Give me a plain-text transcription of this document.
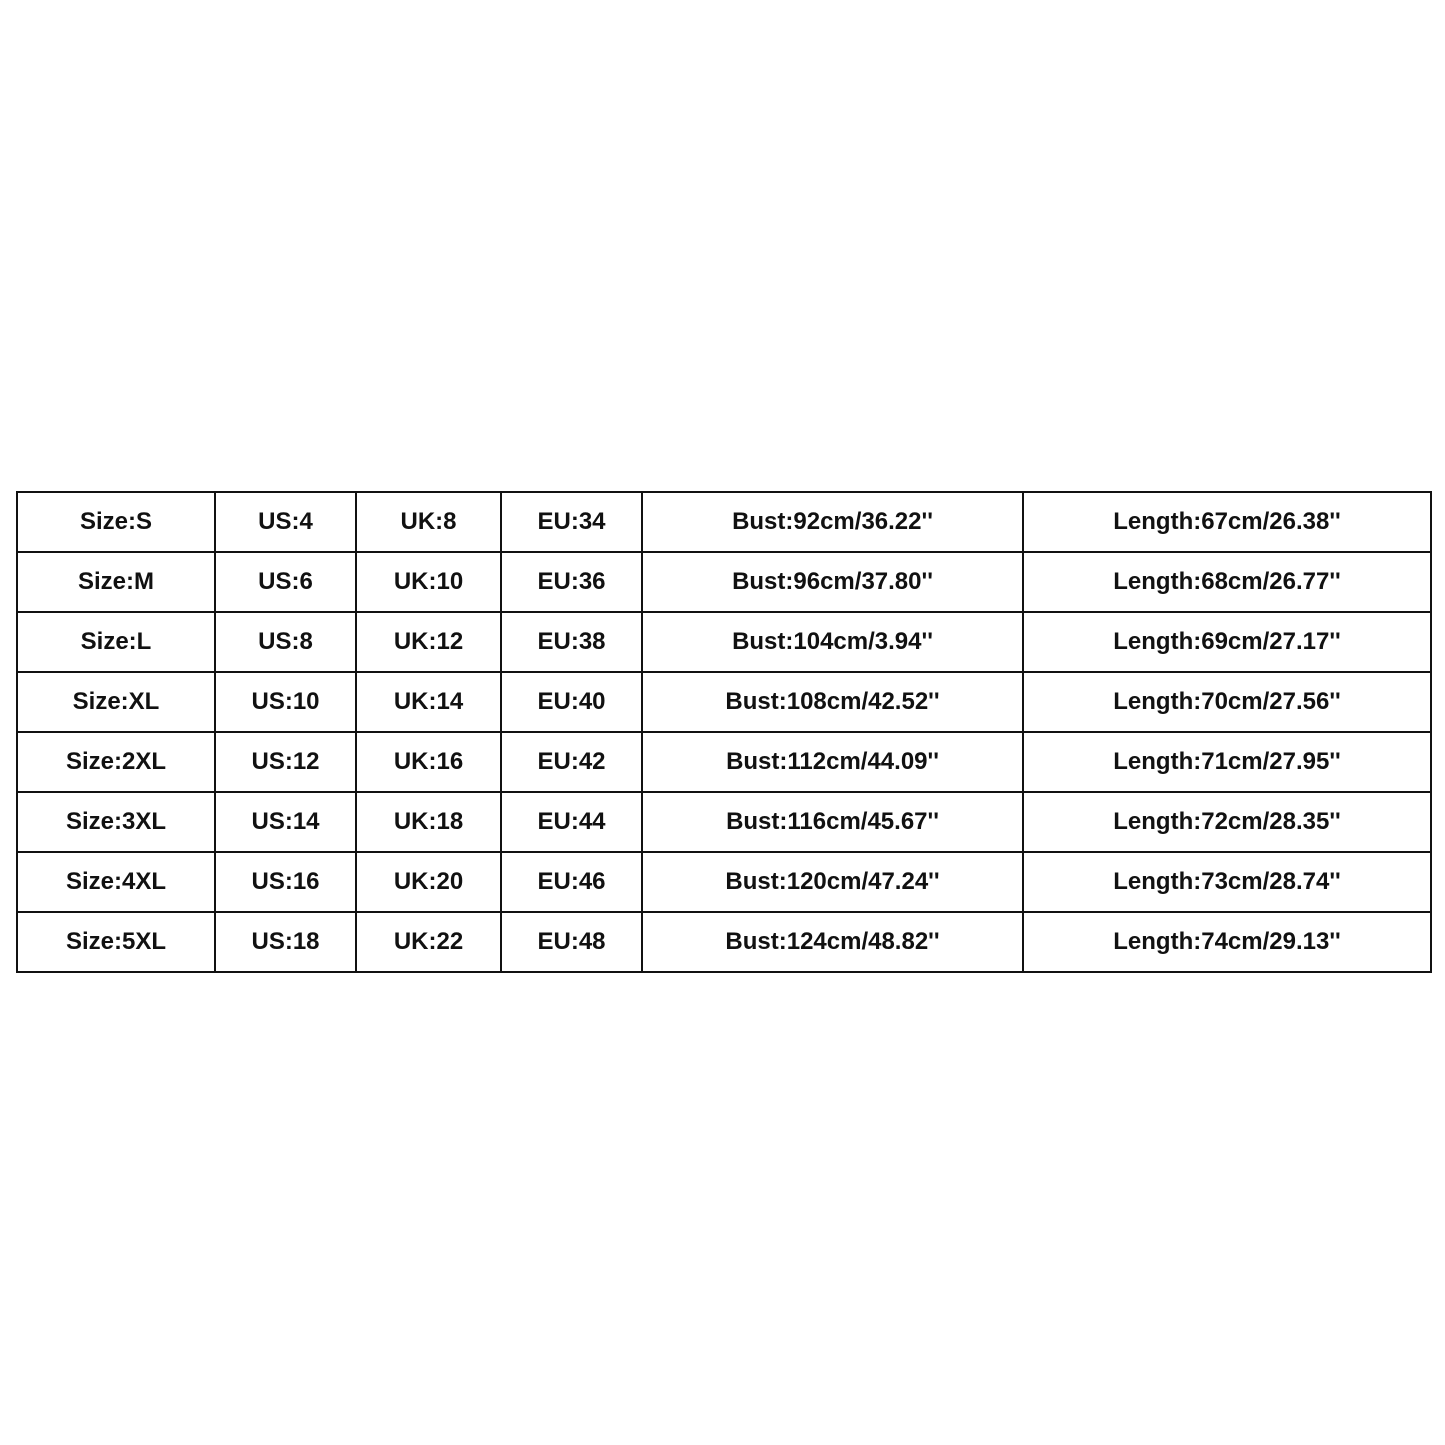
Size:S	US:4	UK:8	EU:34	Bust:92cm/36.22''	Length:67cm/26.38''
Size:M	US:6	UK:10	EU:36	Bust:96cm/37.80''	Length:68cm/26.77''
Size:L	US:8	UK:12	EU:38	Bust:104cm/3.94''	Length:69cm/27.17''
Size:XL	US:10	UK:14	EU:40	Bust:108cm/42.52''	Length:70cm/27.56''
Size:2XL	US:12	UK:16	EU:42	Bust:112cm/44.09''	Length:71cm/27.95''
Size:3XL	US:14	UK:18	EU:44	Bust:116cm/45.67''	Length:72cm/28.35''
Size:4XL	US:16	UK:20	EU:46	Bust:120cm/47.24''	Length:73cm/28.74''
Size:5XL	US:18	UK:22	EU:48	Bust:124cm/48.82''	Length:74cm/29.13''
